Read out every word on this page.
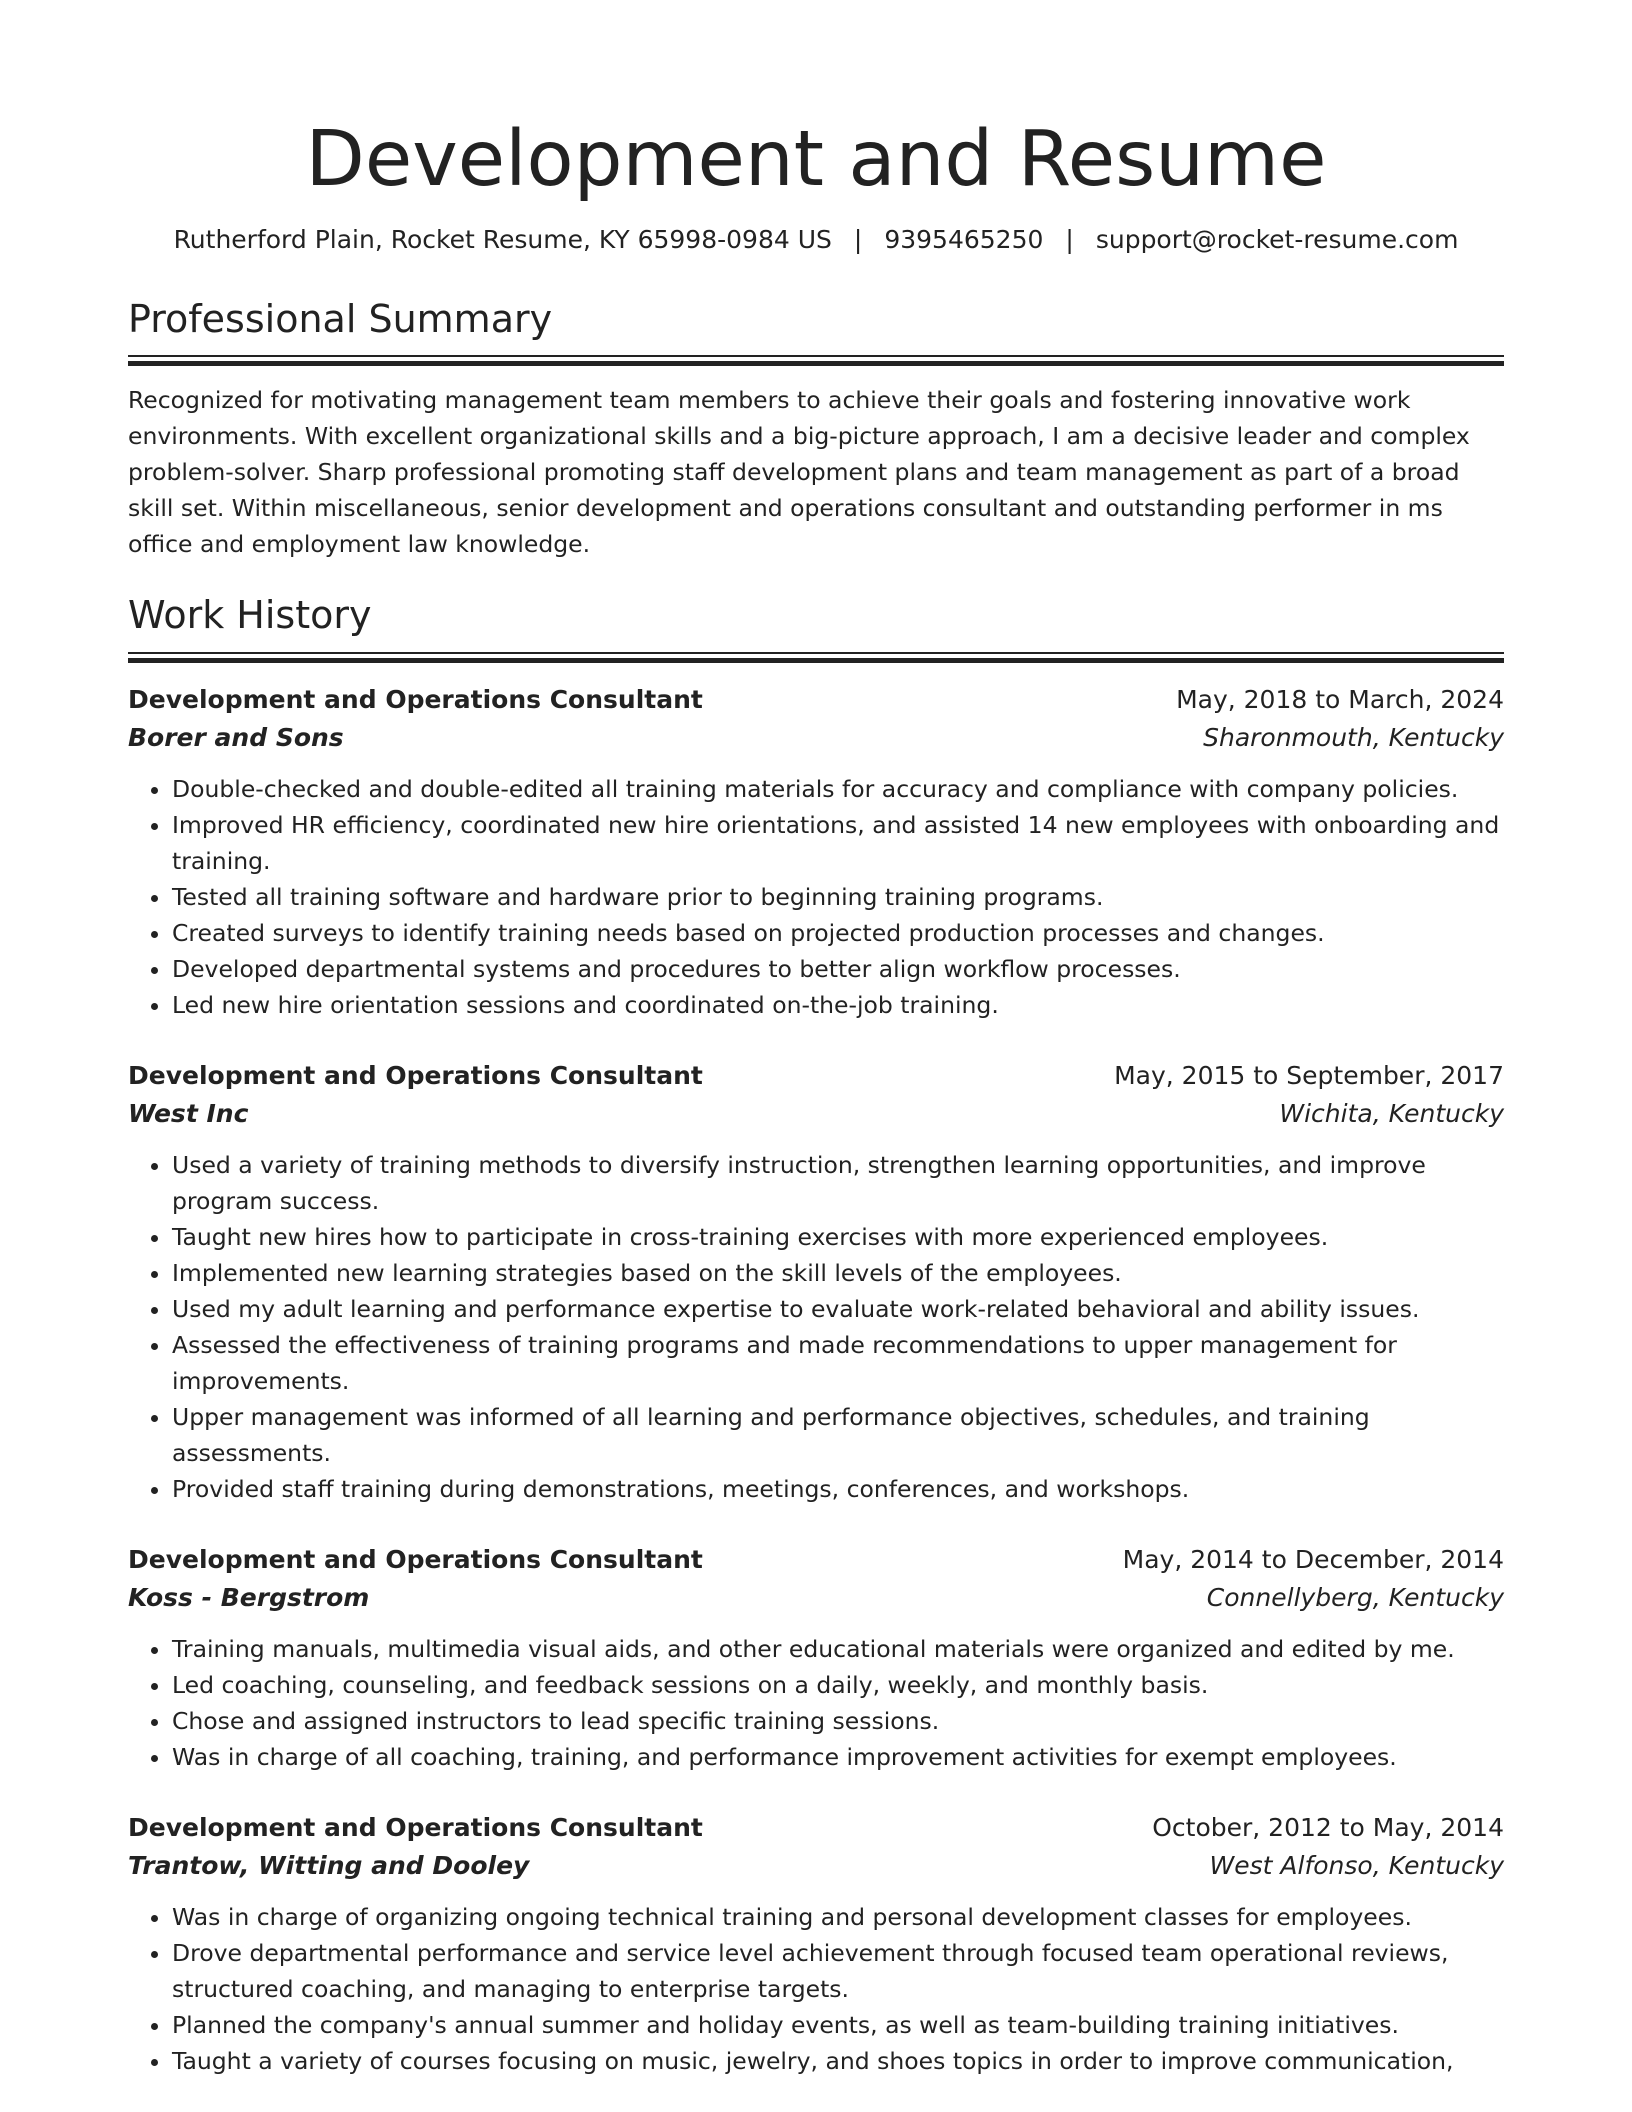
Development and Resume
Rutherford Plain, Rocket Resume, KY 65998-0984 US | 9395465250 | support@rocket-resume.com
Professional Summary

Recognized for motivating management team members to achieve their goals and fostering innovative work environments. With excellent organizational skills and a big-picture approach, I am a decisive leader and complex problem-solver. Sharp professional promoting staff development plans and team management as part of a broad skill set. Within miscellaneous, senior development and operations consultant and outstanding performer in ms office and employment law knowledge.

Work History
Development and Operations Consultant	May, 2018 to March, 2024
Borer and Sons	Sharonmouth, Kentucky
• Double-checked and double-edited all training materials for accuracy and compliance with company policies.
• Improved HR efficiency, coordinated new hire orientations, and assisted 14 new employees with onboarding and training.
• Tested all training software and hardware prior to beginning training programs.
• Created surveys to identify training needs based on projected production processes and changes.
• Developed departmental systems and procedures to better align workflow processes.
• Led new hire orientation sessions and coordinated on-the-job training.
Development and Operations Consultant	May, 2015 to September, 2017
West Inc	Wichita, Kentucky
• Used a variety of training methods to diversify instruction, strengthen learning opportunities, and improve program success.
• Taught new hires how to participate in cross-training exercises with more experienced employees.
• Implemented new learning strategies based on the skill levels of the employees.
• Used my adult learning and performance expertise to evaluate work-related behavioral and ability issues.
• Assessed the effectiveness of training programs and made recommendations to upper management for improvements.
• Upper management was informed of all learning and performance objectives, schedules, and training assessments.
• Provided staff training during demonstrations, meetings, conferences, and workshops.
Development and Operations Consultant	May, 2014 to December, 2014
Koss - Bergstrom	Connellyberg, Kentucky
• Training manuals, multimedia visual aids, and other educational materials were organized and edited by me.
• Led coaching, counseling, and feedback sessions on a daily, weekly, and monthly basis.
• Chose and assigned instructors to lead specific training sessions.
• Was in charge of all coaching, training, and performance improvement activities for exempt employees.
Development and Operations Consultant	October, 2012 to May, 2014
Trantow, Witting and Dooley	West Alfonso, Kentucky
• Was in charge of organizing ongoing technical training and personal development classes for employees.
• Drove departmental performance and service level achievement through focused team operational reviews, structured coaching, and managing to enterprise targets.
• Planned the company's annual summer and holiday events, as well as team-building training initiatives.
• Taught a variety of courses focusing on music, jewelry, and shoes topics in order to improve communication,
